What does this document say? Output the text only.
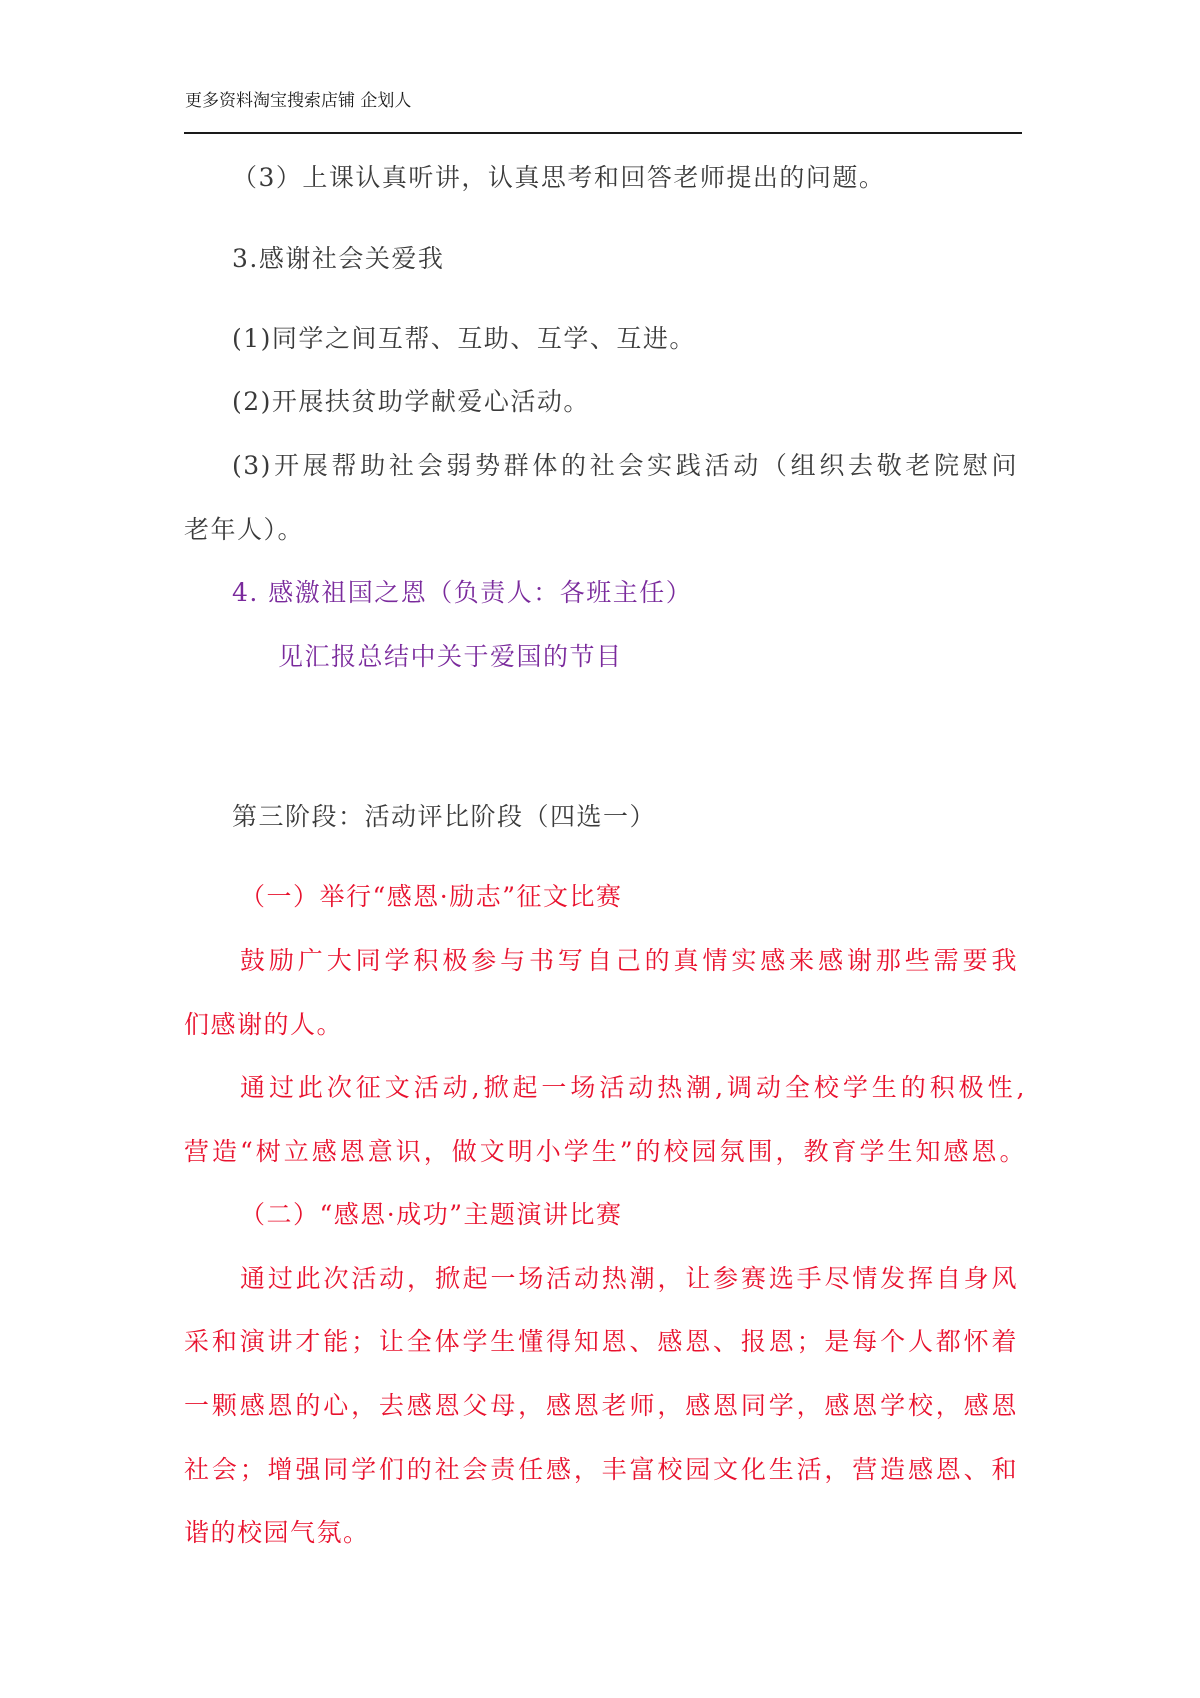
更多资料淘宝搜索店铺 企划人
（3）上课认真听讲，认真思考和回答老师提出的问题。
3.感谢社会关爱我
(1)同学之间互帮、互助、互学、互进。
(2)开展扶贫助学献爱心活动。
(3)开展帮助社会弱势群体的社会实践活动（组织去敬老院慰问
老年人）。
4. 感激祖国之恩（负责人：各班主任）
见汇报总结中关于爱国的节目
第三阶段：活动评比阶段（四选一）
（一）举行“感恩·励志”征文比赛
鼓励广大同学积极参与书写自己的真情实感来感谢那些需要我
们感谢的人。
通过此次征文活动,掀起一场活动热潮,调动全校学生的积极性,
营造“树立感恩意识，做文明小学生”的校园氛围，教育学生知感恩。
（二）“感恩·成功”主题演讲比赛
通过此次活动，掀起一场活动热潮，让参赛选手尽情发挥自身风
采和演讲才能；让全体学生懂得知恩、感恩、报恩；是每个人都怀着
一颗感恩的心，去感恩父母，感恩老师，感恩同学，感恩学校，感恩
社会；增强同学们的社会责任感，丰富校园文化生活，营造感恩、和
谐的校园气氛。
